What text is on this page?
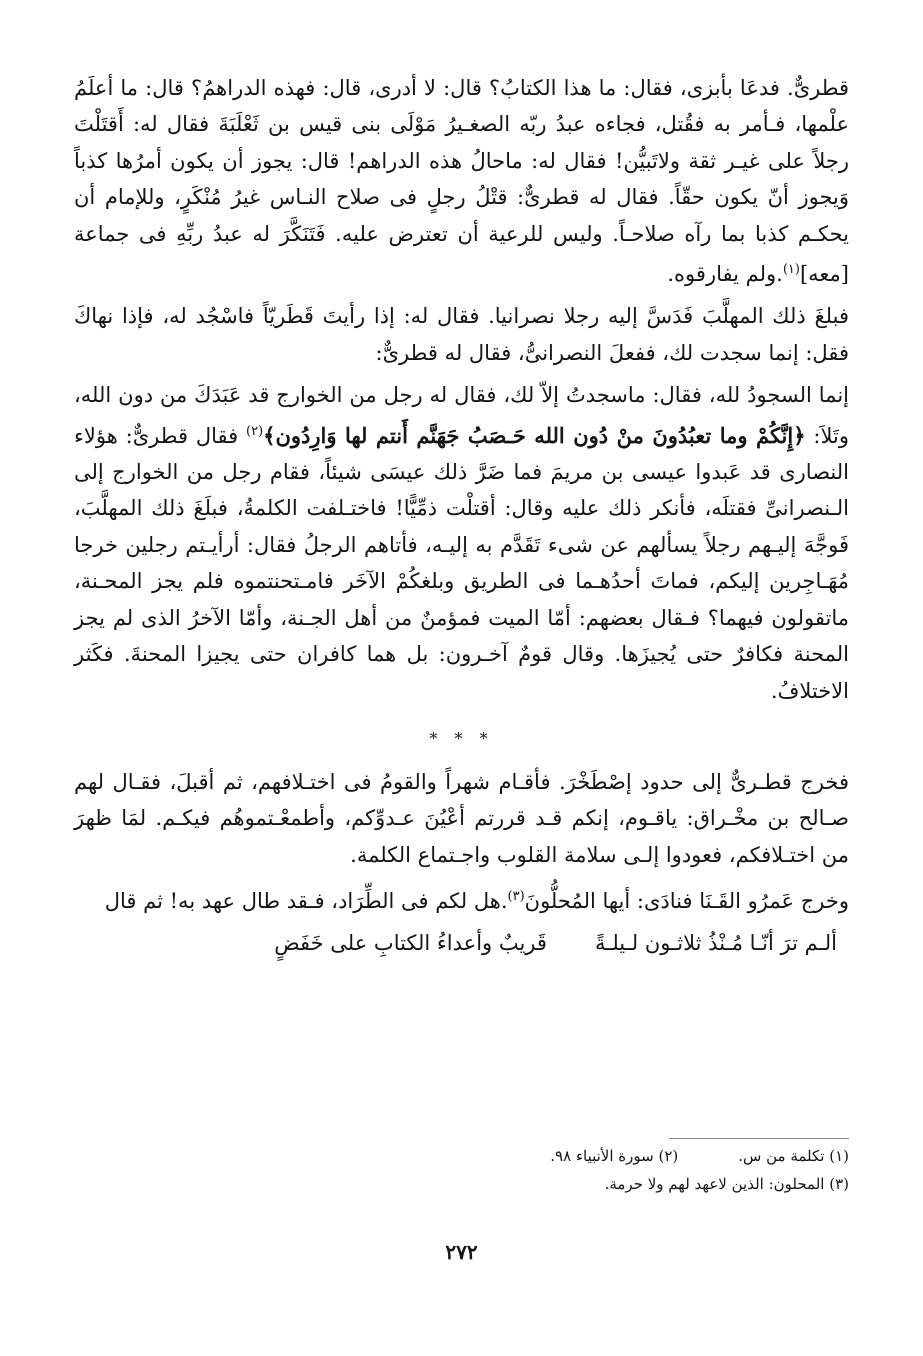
قطرىٌّ. فدعَا بأبزى، فقال: ما هذا الكتابُ؟ قال: لا أدرى، قال: فهذه الدراهمُ؟ قال: ما أعلَمُ علْمها، فـأمر به فقُتل، فجاءه عبدُ ربّه الصغـيرُ مَوْلَى بنى قيس بن ثَعْلَبَةَ فقال له: أَقتَلْتَ رجلاً على غيـر ثقة ولاتَبيُّن! فقال له: ماحالُ هذه الدراهم! قال: يجوز أن يكون أمرُها كذباً وَيجوز أنّ يكون حقّاً. فقال له قطرىٌّ: قتْلُ رجلٍ فى صلاح النـاس غيرُ مُنْكَرٍ، وللإمام أن يحكـم كذبا بما رآه صلاحـاً. وليس للرعية أن تعترض عليه. فَتَنَكَّرَ له عبدُ ربِّهِ فى جماعة [معه]$^{(١)}$.ولم يفارقوه.

فبلغَ ذلك المهلَّبَ فَدَسَّ إليه رجلا نصرانيا. فقال له: إذا رأيتَ قَطَريّاً فاسْجُد له، فإذا نهاكَ فقل: إنما سجدت لك، ففعلَ النصرانىُّ، فقال له قطرىٌّ:

إنما السجودُ لله، فقال: ماسجدتُ إلاّ لك، فقال له رجل من الخوارج قد عَبَدَكَ من دون الله، وتَلاَ: ﴿إِنَّكُمْ وما تعبُدُونَ منْ دُون الله حَـصَبُ جَهَنَّم أَنتم لها وَارِدُون﴾$^{(٢)}$ فقال قطرىٌّ: هؤلاء النصارى قد عَبدوا عيسى بن مريمَ فما ضَرَّ ذلك عيسَى شيئاً، فقام رجل من الخوارج إلى الـنصرانىِّ فقتلَه، فأنكر ذلك عليه وقال: أقتلْت ذمِّيًّا! فاختـلفت الكلمةُ، فبلَغَ ذلك المهلَّبَ، فَوجَّهَ إليـهم رجلاً يسألهم عن شىء تَقَدَّم به إليـه، فأتاهم الرجلُ فقال: أرأيـتم رجلين خرجا مُهَـاجِرين إليكم، فماتَ أحدُهـما فى الطريق وبلغكُمْ الآخَر فامـتحنتموه فلم يجز المحـنة، ماتقولون فيهما؟ فـقال بعضهم: أمّا الميت فمؤمنٌ من أهل الجـنة، وأمّا الآخرُ الذى لم يجز المحنة فكافرٌ حتى يُجيزَها. وقال قومٌ آخـرون: بل هما كافران حتى يجيزا المحنةَ. فكَثر الاختلافُ.

* * *

فخرج قطـرىٌّ إلى حدود إصْطَخْرَ. فأقـام شهراً والقومُ فى اختـلافهم، ثم أقبلَ، فقـال لهم صـالح بن مخْـراق: ياقـوم، إنكم قـد قررتم أعْيُنَ عـدوِّكم، وأطمعْـتموهُم فيكـم. لمَا ظهرَ من اختـلافكم، فعودوا إلـى سلامة القلوب واجـتماع الكلمة.

وخرج عَمرُو القَـنَا فنادَى: أيها المُحلُّونَ$^{(٣)}$.هل لكم فى الطِّرَاد، فـقد طال عهد به! ثم قال

ألـم ترَ أنّـا مُـنْذُ ثلاثـون لـيلـةً
قَريبٌ وأعداءُ الكتابِ على خَفَضٍ
(١) تكلمة من س.
(٢) سورة الأنبياء ٩٨.
(٣) المحلون: الذين لاعهد لهم ولا حرمة.
٢٧٢
